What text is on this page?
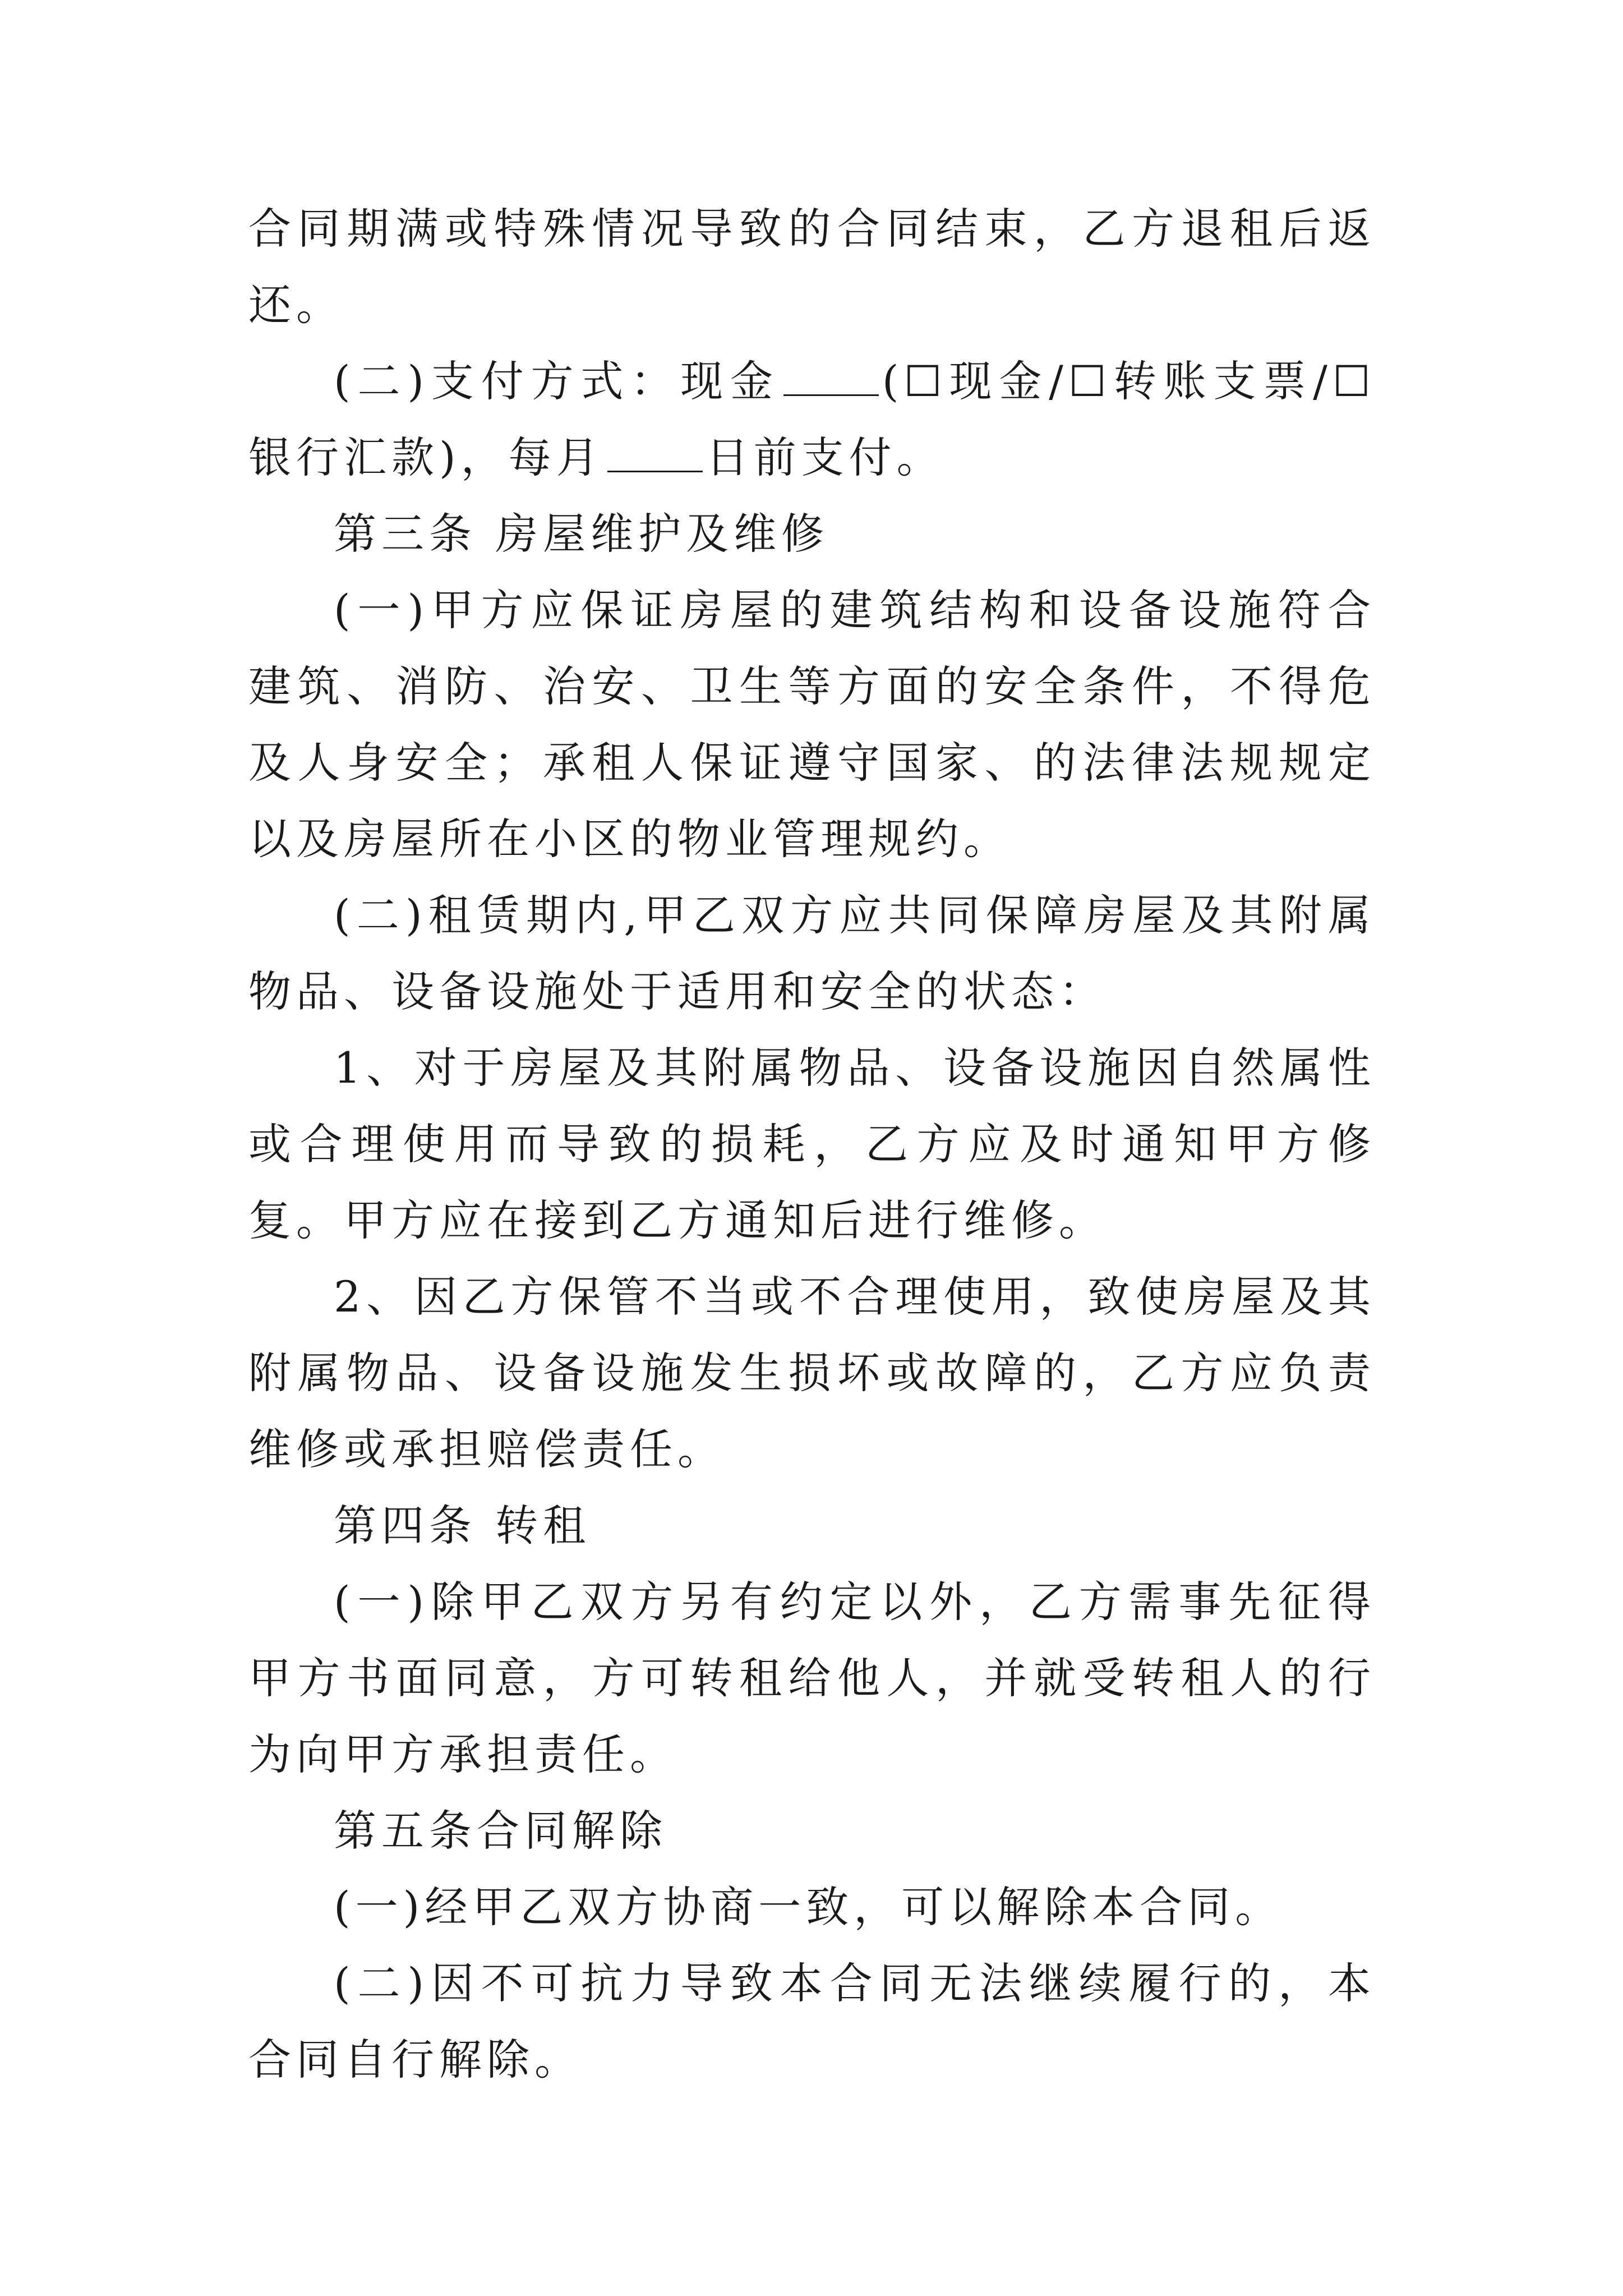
合同期满或特殊情况导致的合同结束，乙方退租后返还。

(二)支付方式：现金 (☐现金/☐转账支票/☐银行汇款)，每月 日前支付。

第三条 房屋维护及维修

(一)甲方应保证房屋的建筑结构和设备设施符合建筑、消防、治安、卫生等方面的安全条件，不得危及人身安全；承租人保证遵守国家、的法律法规规定以及房屋所在小区的物业管理规约。

(二)租赁期内,甲乙双方应共同保障房屋及其附属物品、设备设施处于适用和安全的状态：

1、对于房屋及其附属物品、设备设施因自然属性或合理使用而导致的损耗，乙方应及时通知甲方修复。甲方应在接到乙方通知后进行维修。

2、因乙方保管不当或不合理使用，致使房屋及其附属物品、设备设施发生损坏或故障的，乙方应负责维修或承担赔偿责任。

第四条 转租

(一)除甲乙双方另有约定以外，乙方需事先征得甲方书面同意，方可转租给他人，并就受转租人的行为向甲方承担责任。

第五条合同解除

(一)经甲乙双方协商一致，可以解除本合同。

(二)因不可抗力导致本合同无法继续履行的，本合同自行解除。
